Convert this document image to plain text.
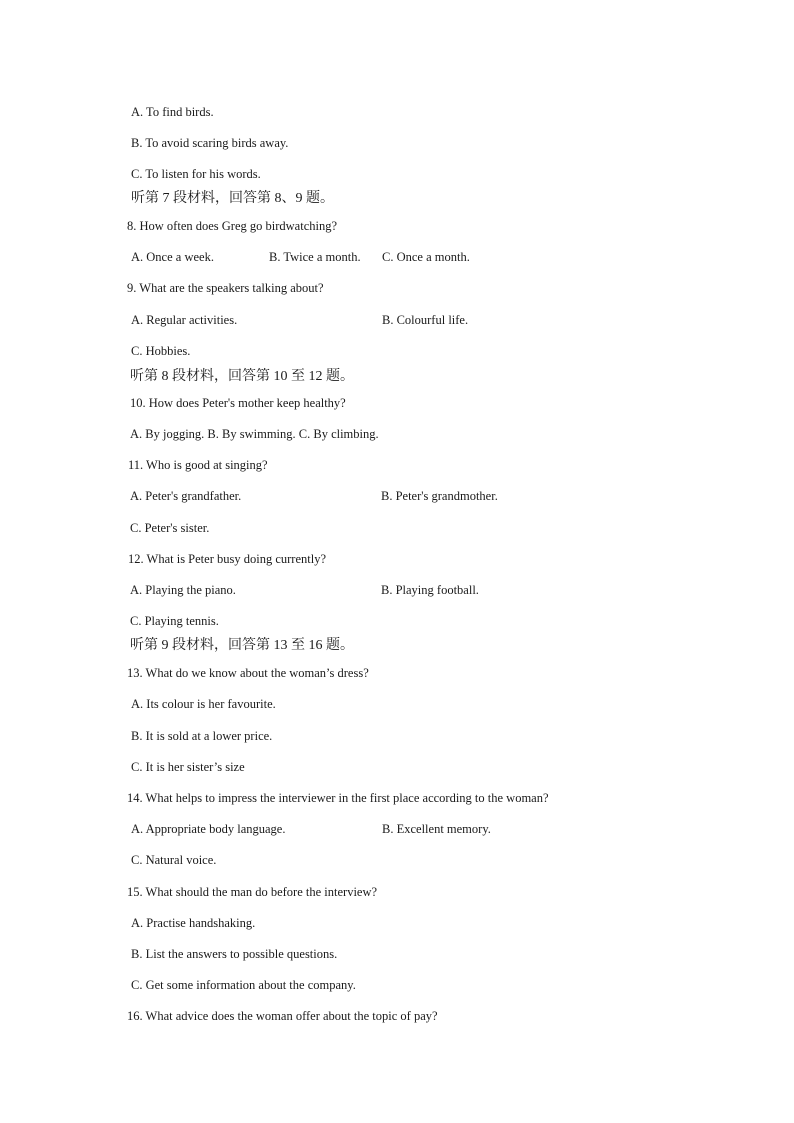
A. To find birds.
B. To avoid scaring birds away.
C. To listen for his words.
听第 7 段材料，回答第 8、9 题。
8. How often does Greg go birdwatching?
A. Once a week.	B. Twice a month. C. Once a month.
9. What are the speakers talking about?
A. Regular activities.	B. Colourful life.
C. Hobbies.
听第 8 段材料，回答第 10 至 12 题。
10. How does Peter's mother keep healthy?
A. By jogging. B. By swimming. C. By climbing.
11. Who is good at singing?
A. Peter's grandfather.	B. Peter's grandmother.
C. Peter's sister.
12. What is Peter busy doing currently?
A. Playing the piano.	B. Playing football.
C. Playing tennis.
听第 9 段材料，回答第 13 至 16 题。
13. What do we know about the woman’s dress?
A. Its colour is her favourite.
B. It is sold at a lower price.
C. It is her sister’s size
14. What helps to impress the interviewer in the first place according to the woman?
A. Appropriate body language.	B. Excellent memory.
C. Natural voice.
15. What should the man do before the interview?
A. Practise handshaking.
B. List the answers to possible questions.
C. Get some information about the company.
16. What advice does the woman offer about the topic of pay?
